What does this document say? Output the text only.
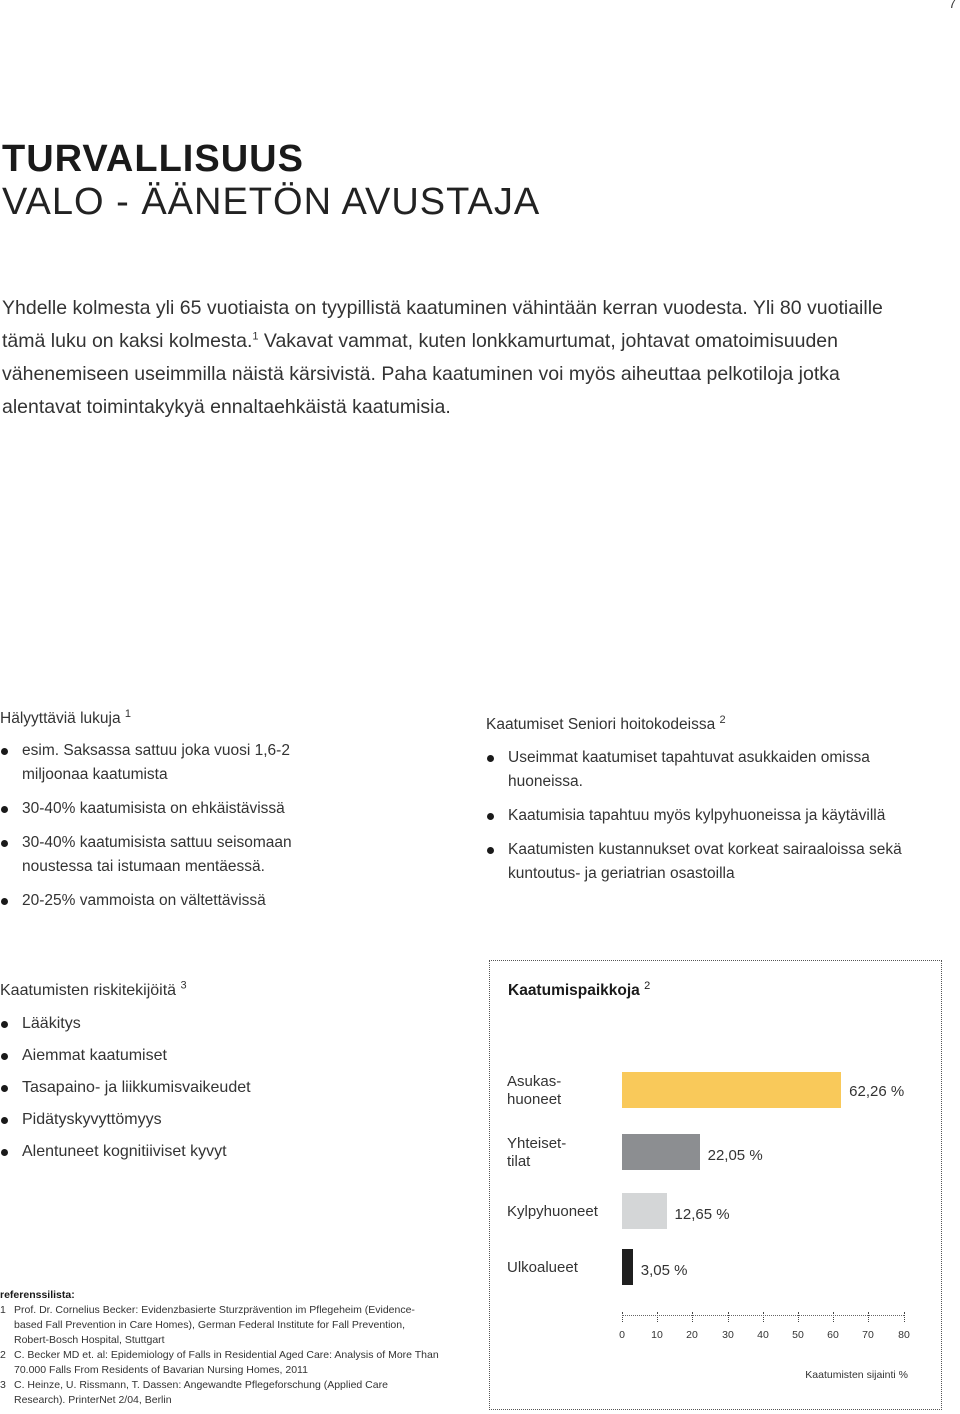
7
TURVALLISUUS
VALO - ÄÄNETÖN AVUSTAJA

Yhdelle kolmesta yli 65 vuotiaista on tyypillistä kaatuminen vähintään kerran vuodesta. Yli 80 vuotiaille tämä luku on kaksi kolmesta.$^1$ Vakavat vammat, kuten lonkkamurtumat, johtavat omatoimisuuden vähenemiseen useimmilla näistä kärsivistä. Paha kaatuminen voi myös aiheuttaa pelkotiloja jotka alentavat toimintakykyä ennaltaehkäistä kaatumisia.

Hälyyttäviä lukuja $^1$
esim. Saksassa sattuu joka vuosi 1,6-2 miljoonaa kaatumista
30-40% kaatumisista on ehkäistävissä
30-40% kaatumisista sattuu seisomaan noustessa tai istumaan mentäessä.
20-25% vammoista on vältettävissä
Kaatumiset Seniori hoitokodeissa $^2$
Useimmat kaatumiset tapahtuvat asukkaiden omissa huoneissa.
Kaatumisia tapahtuu myös kylpyhuoneissa ja käytävillä
Kaatumisten kustannukset ovat korkeat sairaaloissa sekä kuntoutus- ja geriatrian osastoilla
Kaatumisten riskitekijöitä $^3$
Lääkitys
Aiemmat kaatumiset
Tasapaino- ja liikkumisvaikeudet
Pidätyskyvyttömyys
Alentuneet kognitiiviset kyvyt
Kaatumispaikkoja $^2$
Asukas-
huoneet	62,26 %
Yhteiset-
tilat	22,05 %
Kylpyhuoneet	12,65 %
Ulkoalueet	3,05 %
0	10	20	30	40	50	60	70	80
Kaatumisten sijainti %
referenssilista:
1 Prof. Dr. Cornelius Becker: Evidenzbasierte Sturzprävention im Pflegeheim (Evidence-based Fall Prevention in Care Homes), German Federal Institute for Fall Prevention, Robert-Bosch Hospital, Stuttgart
2 C. Becker MD et. al: Epidemiology of Falls in Residential Aged Care: Analysis of More Than 70.000 Falls From Residents of Bavarian Nursing Homes, 2011
3 C. Heinze, U. Rissmann, T. Dassen: Angewandte Pflegeforschung (Applied Care Research). PrinterNet 2/04, Berlin
